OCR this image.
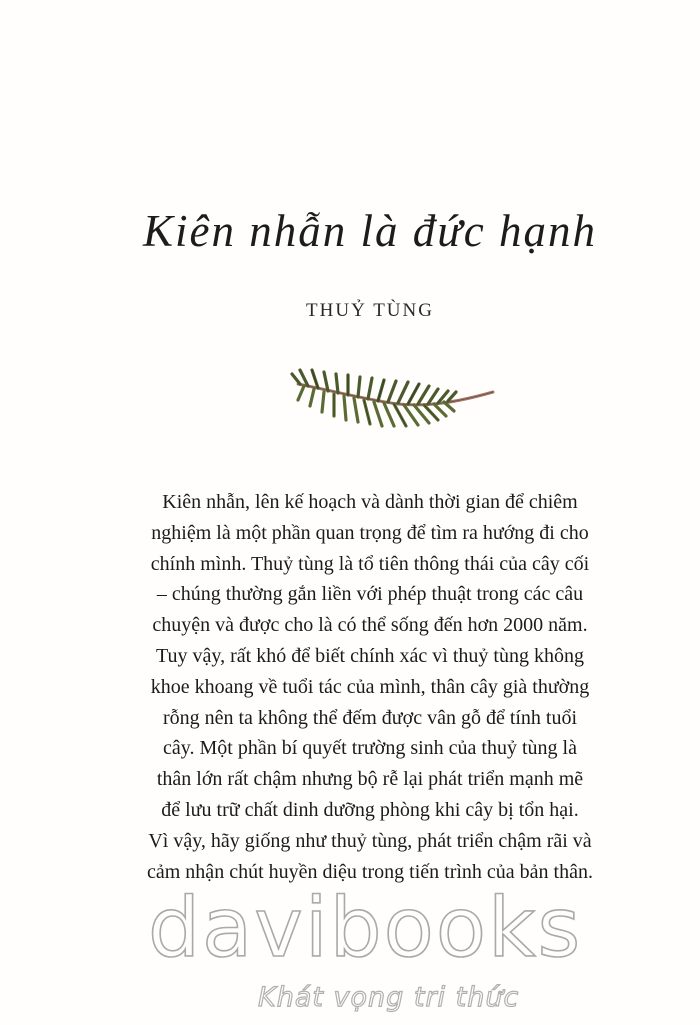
Kiên nhẫn là đức hạnh

THUỶ TÙNG

Kiên nhẫn, lên kế hoạch và dành thời gian để chiêm
nghiệm là một phần quan trọng để tìm ra hướng đi cho
chính mình. Thuỷ tùng là tổ tiên thông thái của cây cối
– chúng thường gắn liền với phép thuật trong các câu
chuyện và được cho là có thể sống đến hơn 2000 năm.
Tuy vậy, rất khó để biết chính xác vì thuỷ tùng không
khoe khoang về tuổi tác của mình, thân cây già thường
rỗng nên ta không thể đếm được vân gỗ để tính tuổi
cây. Một phần bí quyết trường sinh của thuỷ tùng là
thân lớn rất chậm nhưng bộ rễ lại phát triển mạnh mẽ
để lưu trữ chất dinh dưỡng phòng khi cây bị tổn hại.
Vì vậy, hãy giống như thuỷ tùng, phát triển chậm rãi và
cảm nhận chút huyền diệu trong tiến trình của bản thân.
davibooks
Khát vọng tri thức
